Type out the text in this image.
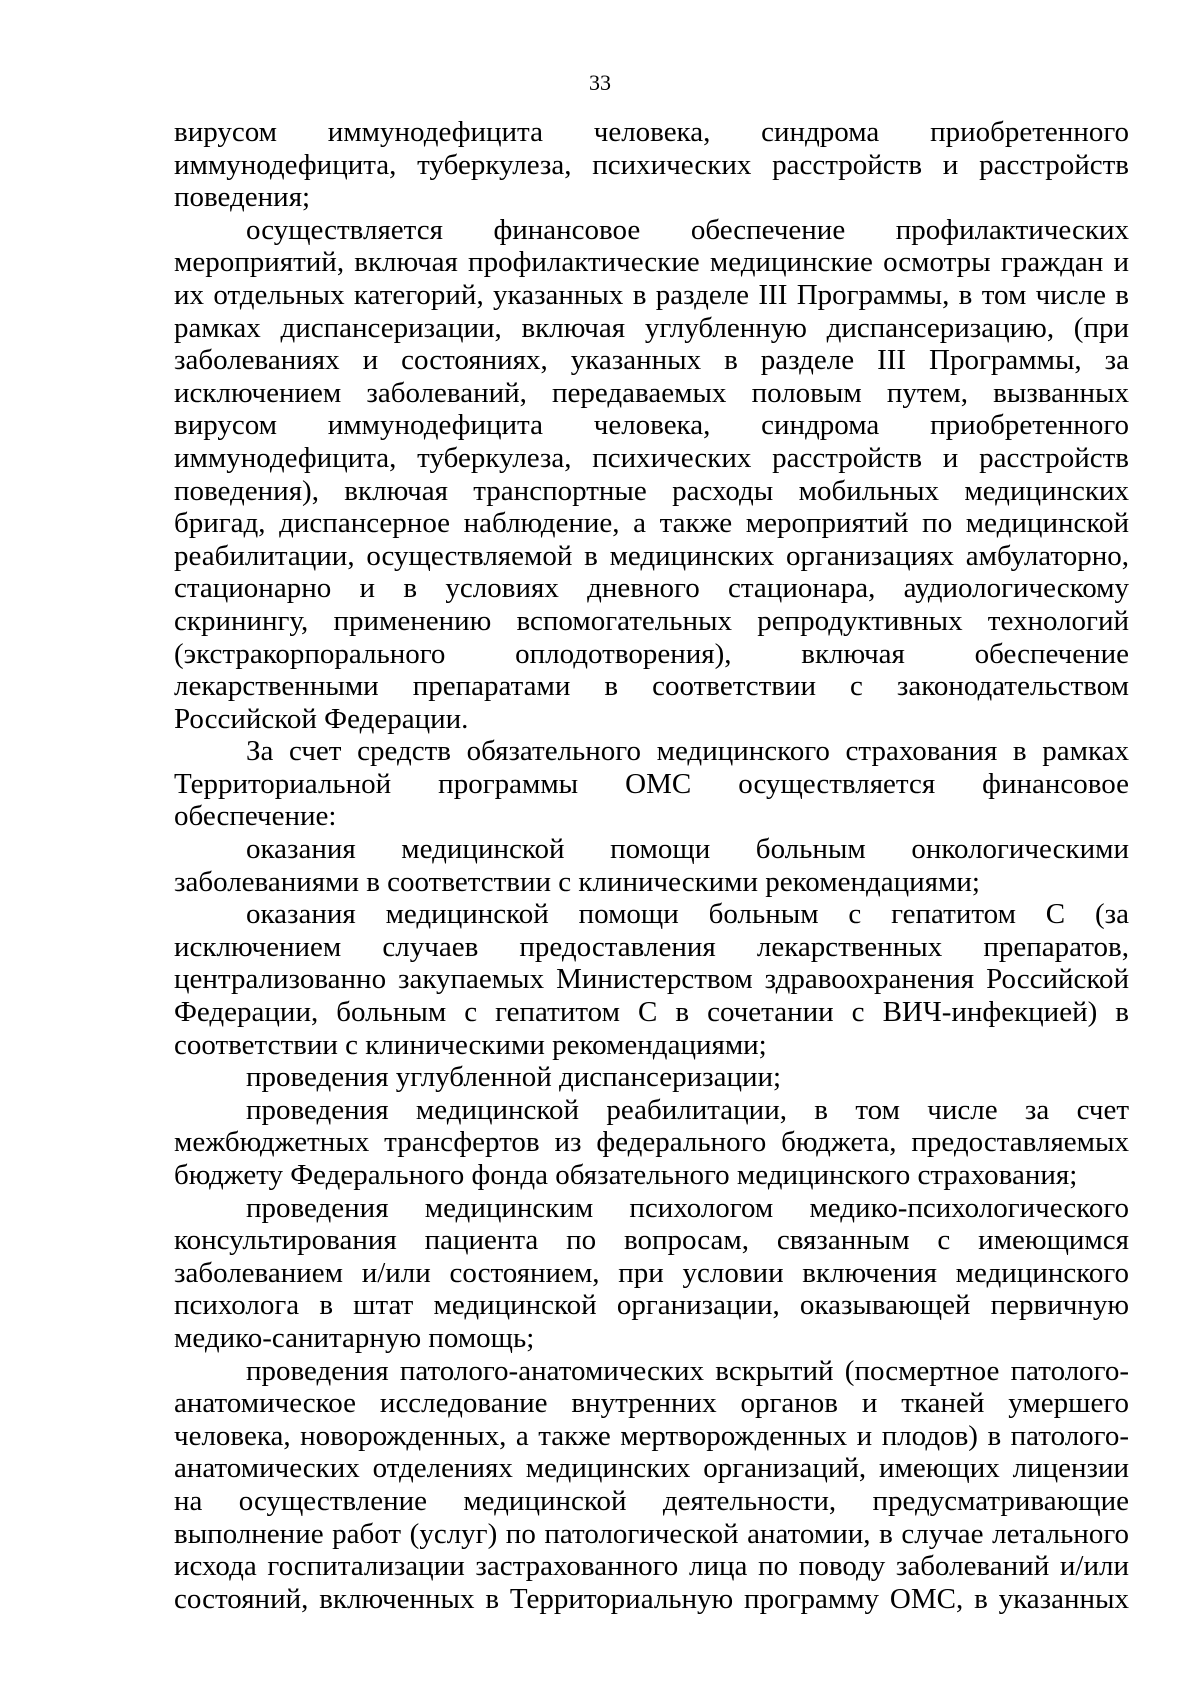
33

вирусом иммунодефицита человека, синдрома приобретенного иммунодефицита, туберкулеза, психических расстройств и расстройств поведения;

осуществляется финансовое обеспечение профилактических мероприятий, включая профилактические медицинские осмотры граждан и их отдельных категорий, указанных в разделе III Программы, в том числе в рамках диспансеризации, включая углубленную диспансеризацию, (при заболеваниях и состояниях, указанных в разделе III Программы, за исключением заболеваний, передаваемых половым путем, вызванных вирусом иммунодефицита человека, синдрома приобретенного иммунодефицита, туберкулеза, психических расстройств и расстройств поведения), включая транспортные расходы мобильных медицинских бригад, диспансерное наблюдение, а также мероприятий по медицинской реабилитации, осуществляемой в медицинских организациях амбулаторно, стационарно и в условиях дневного стационара, аудиологическому скринингу, применению вспомогательных репродуктивных технологий (экстракорпорального оплодотворения), включая обеспечение лекарственными препаратами в соответствии с законодательством Российской Федерации.

За счет средств обязательного медицинского страхования в рамках Территориальной программы ОМС осуществляется финансовое обеспечение:

оказания медицинской помощи больным онкологическими заболеваниями в соответствии с клиническими рекомендациями;

оказания медицинской помощи больным с гепатитом С (за исключением случаев предоставления лекарственных препаратов, централизованно закупаемых Министерством здравоохранения Российской Федерации, больным с гепатитом С в сочетании с ВИЧ-инфекцией) в соответствии с клиническими рекомендациями;

проведения углубленной диспансеризации;

проведения медицинской реабилитации, в том числе за счет межбюджетных трансфертов из федерального бюджета, предоставляемых бюджету Федерального фонда обязательного медицинского страхования;

проведения медицинским психологом медико-психологического консультирования пациента по вопросам, связанным с имеющимся заболеванием и/или состоянием, при условии включения медицинского психолога в штат медицинской организации, оказывающей первичную медико-санитарную помощь;

проведения патолого-анатомических вскрытий (посмертное патолого-анатомическое исследование внутренних органов и тканей умершего человека, новорожденных, а также мертворожденных и плодов) в патолого-анатомических отделениях медицинских организаций, имеющих лицензии на осуществление медицинской деятельности, предусматривающие выполнение работ (услуг) по патологической анатомии, в случае летального исхода госпитализации застрахованного лица по поводу заболеваний и/или состояний, включенных в Территориальную программу ОМС, в указанных
